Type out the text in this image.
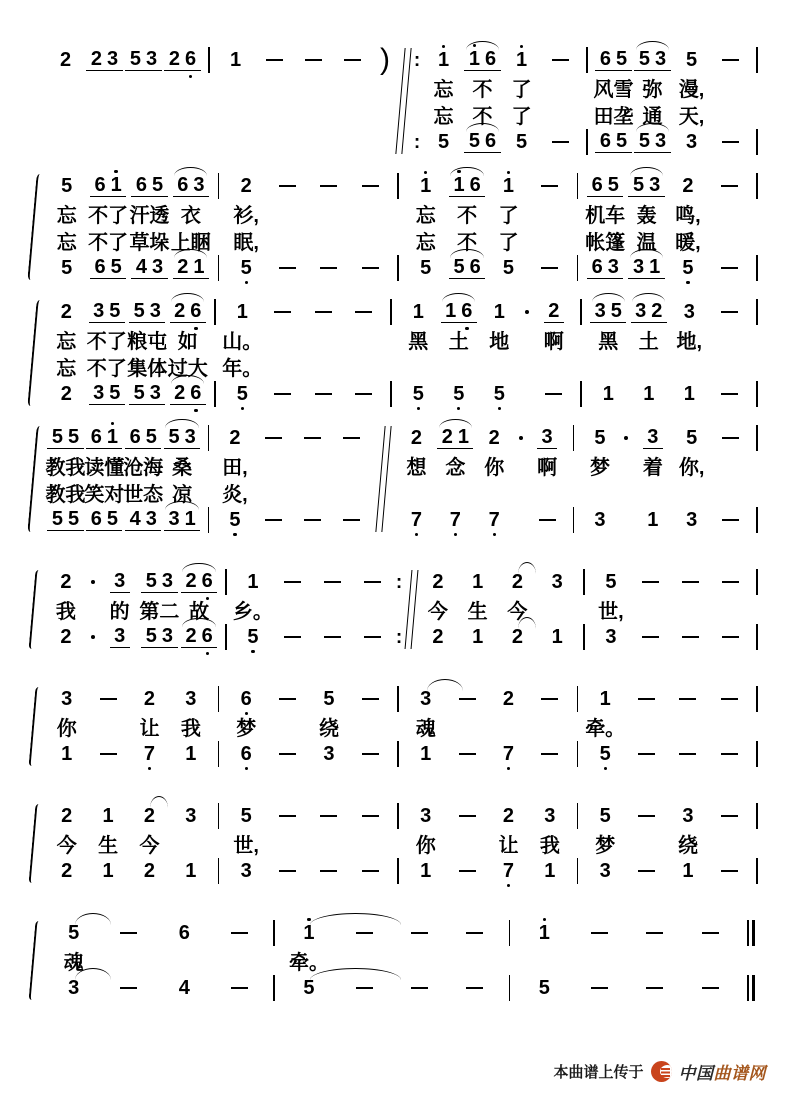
2 2 3 5 3 2 6 1	) :
:
1
忘
忘
5
1 6
不
不
5 6
1
了
了
5
6 5
风雪
田垄
6 5
5 3
弥
通
5 3
5
漫,
天,
3
5
忘
忘
5
6 1
不了
不了
6 5
6 5
汗透
草垛
4 3
6 3
衣
上睏
2 1
2
衫,
眠,
5
1
忘
忘
5
1 6
不
不
5 6
1
了
了
5
6 5
机车
帐篷
6 3
5 3
轰
温
3 1
2
鸣,
暖,
5
2
忘
忘
2
3 5
不了
不了
3 5
5 3
粮屯
集体
5 3
2 6
如
过大
2 6
1
山。
年。
5
1
黑
5
1 6
土
5
1
地
5
2
啊
3 5
黑
1
3 2
土
1
3
地,
1
5 5
教我
教我
5 5
6 1
读懂
笑对
6 5
6 5
沧海
世态
4 3
5 3
桑
凉
3 1
2
田,
炎,
5
2
想
7
2 1
念
7
2
你
7
3
啊
5
梦
3
3
着
1
5
你,
3
2
我
2
3
的
3
5 3
第二
5 3
2 6
故
2 6
1
乡。
5
:
:
2
今
2
1
生
1
2
今
2
3
1
5
世,
3
3
你
1
2
让
7
3
我
1
6
梦
6
5
绕
3
3
魂
1
2
7
1
牵。
5
2
今
2
1
生
1
2
今
2
3
1
5
世,
3
3
你
1
2
让
7
3
我
1
5
梦
3
3
绕
1
5
魂
3
6
4
1
牵。
5
1
5
本曲谱上传于 中国曲谱网
